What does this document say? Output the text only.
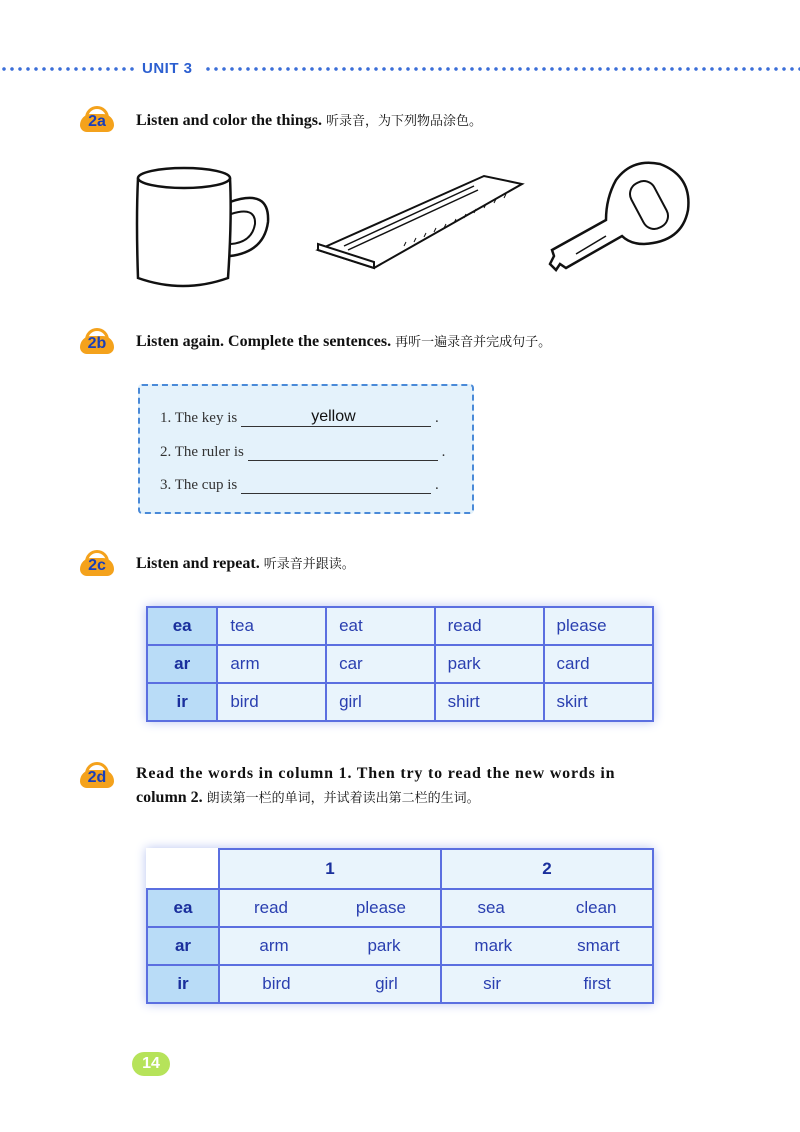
UNIT 3
2a	Listen and color the things. 听录音，为下列物品涂色。
2b	Listen again. Complete the sentences. 再听一遍录音并完成句子。
1. The key is	yellow	.
2. The ruler is	.
3. The cup is	.
2c	Listen and repeat. 听录音并跟读。
ea	tea	eat	read	please
ar	arm	car	park	card
ir	bird	girl	shirt	skirt
2d	Read the words in column 1. Then try to read the new words in
column 2. 朗读第一栏的单词，并试着读出第二栏的生词。
	1	2
ea	read please	sea clean

ar	arm park	mark smart

ir	bird girl	sir first
14
